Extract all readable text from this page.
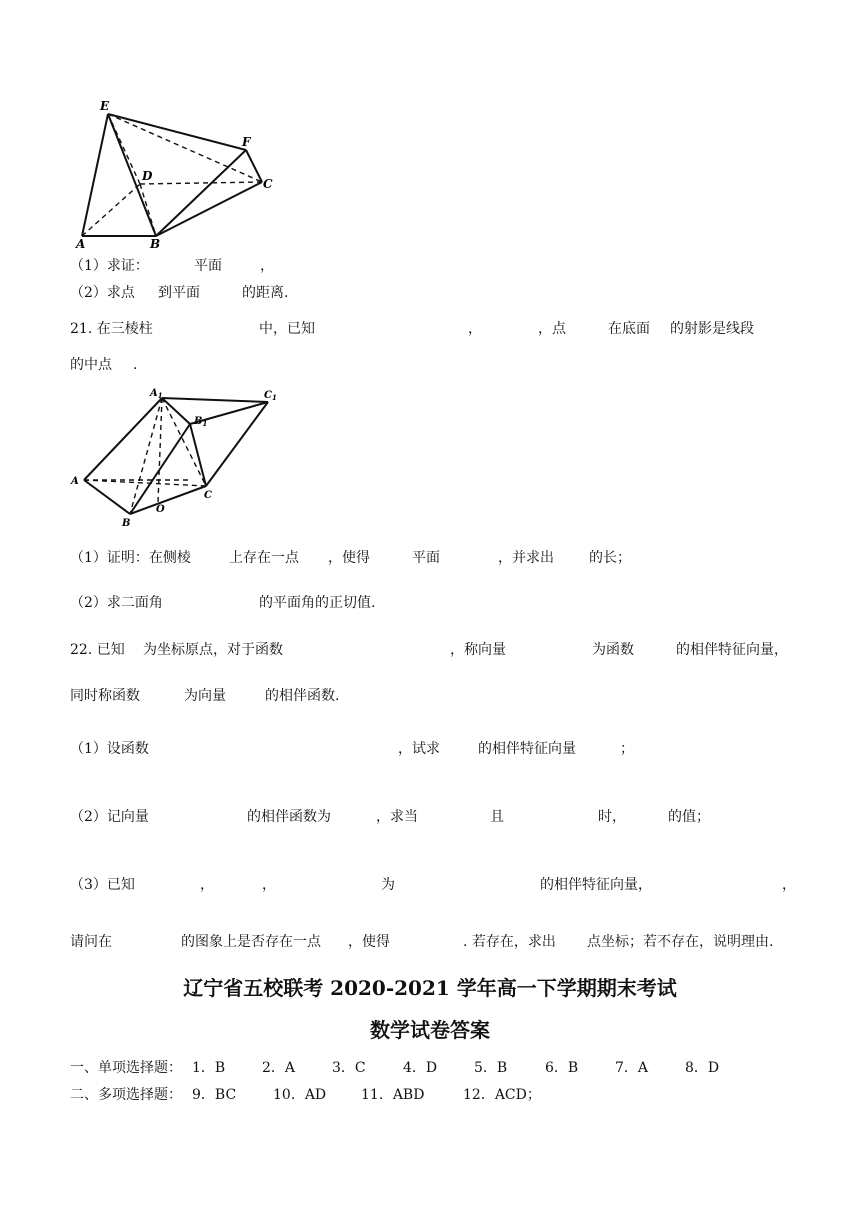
E
F
D
C
A	B
（1）求证：	平面	，
（2）求点 到平面	的距离.
21. 在三棱柱	中，已知	，	，点	在底面 的射影是线段
的中点 .
$A_1$
$B_1$
$C_1$
A
B
O
C
（1）证明：在侧棱	上存在一点 ，使得	平面	，并求出	的长；
（2）求二面角	的平面角的正切值.
22. 已知 为坐标原点，对于函数	，称向量	为函数	的相伴特征向量，
同时称函数	为向量	的相伴函数.
（1）设函数	，试求	的相伴特征向量	；
（2）记向量	的相伴函数为	，求当	且	时，	的值；
（3）已知	，	，	为	的相伴特征向量，	，
请问在	的图象上是否存在一点 ，使得	. 若存在，求出 点坐标；若不存在，说明理由.
辽宁省五校联考 2020-2021 学年高一下学期期末考试
数学试卷答案
一、单项选择题： 1．B	2．A	3．C	4．D	5．B	6．B	7．A	8．D
二、多项选择题： 9．BC	10．AD 11．ABD	12．ACD；
